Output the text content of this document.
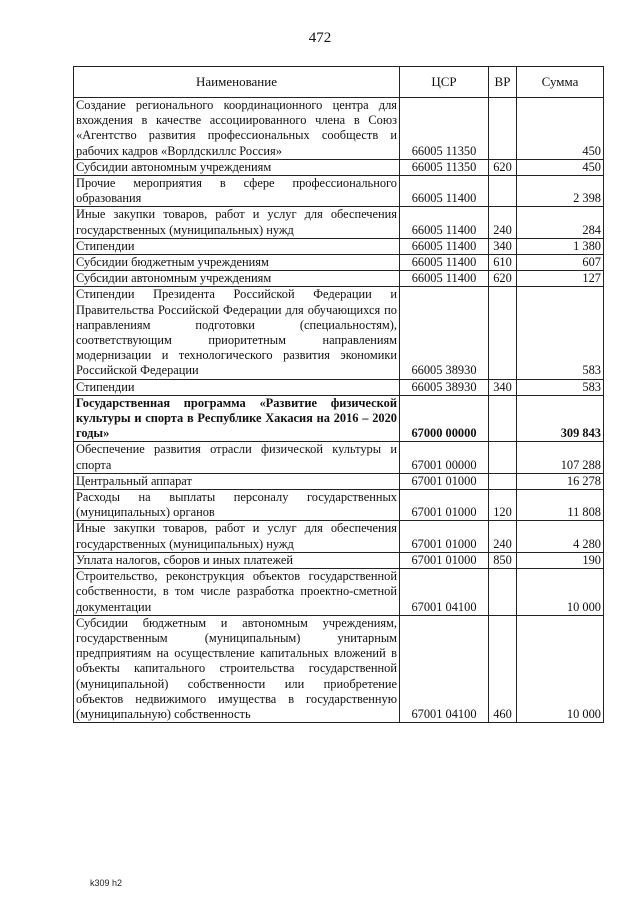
472
Наименование	ЦСР	ВР	Сумма
Создание регионального координационного центра для вхождения в качестве ассоциированного члена в Союз «Агентство развития профессиональных сообществ и рабочих кадров «Ворлдскиллс Россия»	66005 11350		450
Субсидии автономным учреждениям	66005 11350	620	450
Прочие мероприятия в сфере профессионального образования	66005 11400		2 398
Иные закупки товаров, работ и услуг для обеспечения государственных (муниципальных) нужд	66005 11400	240	284
Стипендии	66005 11400	340	1 380
Субсидии бюджетным учреждениям	66005 11400	610	607
Субсидии автономным учреждениям	66005 11400	620	127
Стипендии Президента Российской Федерации и Правительства Российской Федерации для обучающихся по направлениям подготовки (специальностям), соответствующим приоритетным направлениям модернизации и технологического развития экономики Российской Федерации	66005 38930		583
Стипендии	66005 38930	340	583
Государственная программа «Развитие физической культуры и спорта в Республике Хакасия на 2016 – 2020 годы»	67000 00000		309 843
Обеспечение развития отрасли физической культуры и спорта	67001 00000		107 288
Центральный аппарат	67001 01000		16 278
Расходы на выплаты персоналу государственных (муниципальных) органов	67001 01000	120	11 808
Иные закупки товаров, работ и услуг для обеспечения государственных (муниципальных) нужд	67001 01000	240	4 280
Уплата налогов, сборов и иных платежей	67001 01000	850	190
Строительство, реконструкция объектов государственной собственности, в том числе разработка проектно-сметной документации	67001 04100		10 000
Субсидии бюджетным и автономным учреждениям, государственным (муниципальным) унитарным предприятиям на осуществление капитальных вложений в объекты капитального строительства государственной (муниципальной) собственности или приобретение объектов недвижимого имущества в государственную (муниципальную) собственность	67001 04100	460	10 000
k309 h2
